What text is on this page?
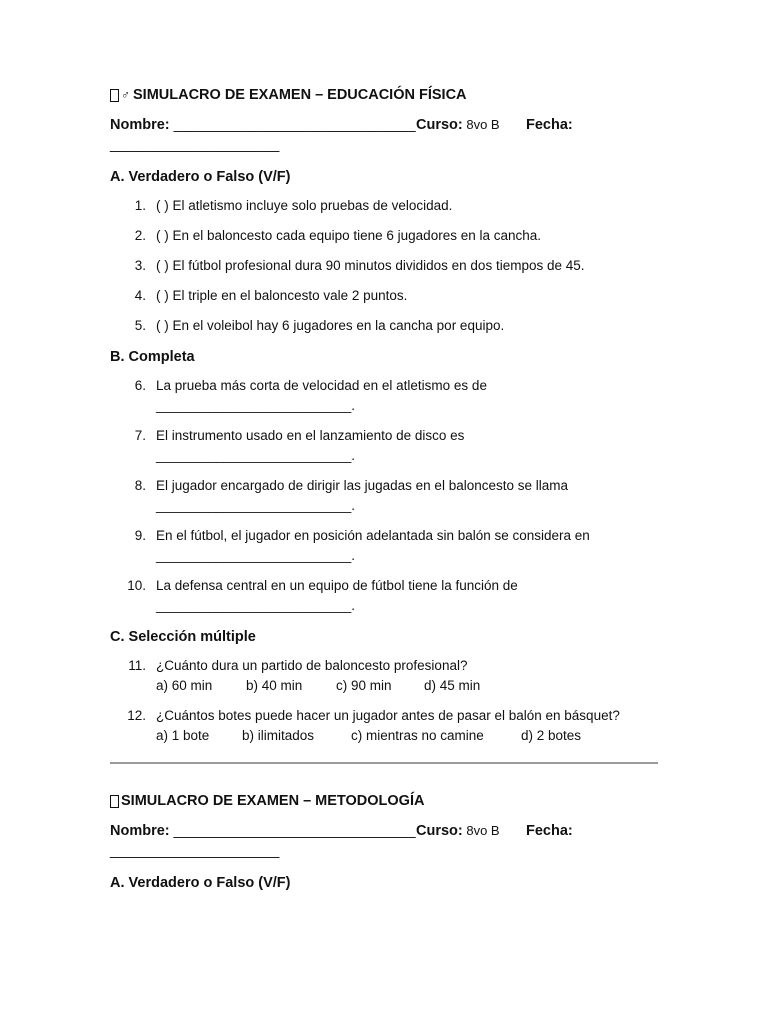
♂ SIMULACRO DE EXAMEN – EDUCACIÓN FÍSICA
Nombre: ______________________________ Curso: 8vo B Fecha:
_____________________
A. Verdadero o Falso (V/F)
1. ( ) El atletismo incluye solo pruebas de velocidad.
2. ( ) En el baloncesto cada equipo tiene 6 jugadores en la cancha.
3. ( ) El fútbol profesional dura 90 minutos divididos en dos tiempos de 45.
4. ( ) El triple en el baloncesto vale 2 puntos.
5. ( ) En el voleibol hay 6 jugadores en la cancha por equipo.
B. Completa
6. La prueba más corta de velocidad en el atletismo es de
__________________________.
7. El instrumento usado en el lanzamiento de disco es
__________________________.
8. El jugador encargado de dirigir las jugadas en el baloncesto se llama
__________________________.
9. En el fútbol, el jugador en posición adelantada sin balón se considera en
__________________________.
10. La defensa central en un equipo de fútbol tiene la función de
__________________________.
C. Selección múltiple
11. ¿Cuánto dura un partido de baloncesto profesional?
a) 60 min	b) 40 min	c) 90 min	d) 45 min
12. ¿Cuántos botes puede hacer un jugador antes de pasar el balón en básquet?
a) 1 bote	b) ilimitados	c) mientras no camine	d) 2 botes
SIMULACRO DE EXAMEN – METODOLOGÍA
Nombre: ______________________________ Curso: 8vo B Fecha:
_____________________
A. Verdadero o Falso (V/F)
